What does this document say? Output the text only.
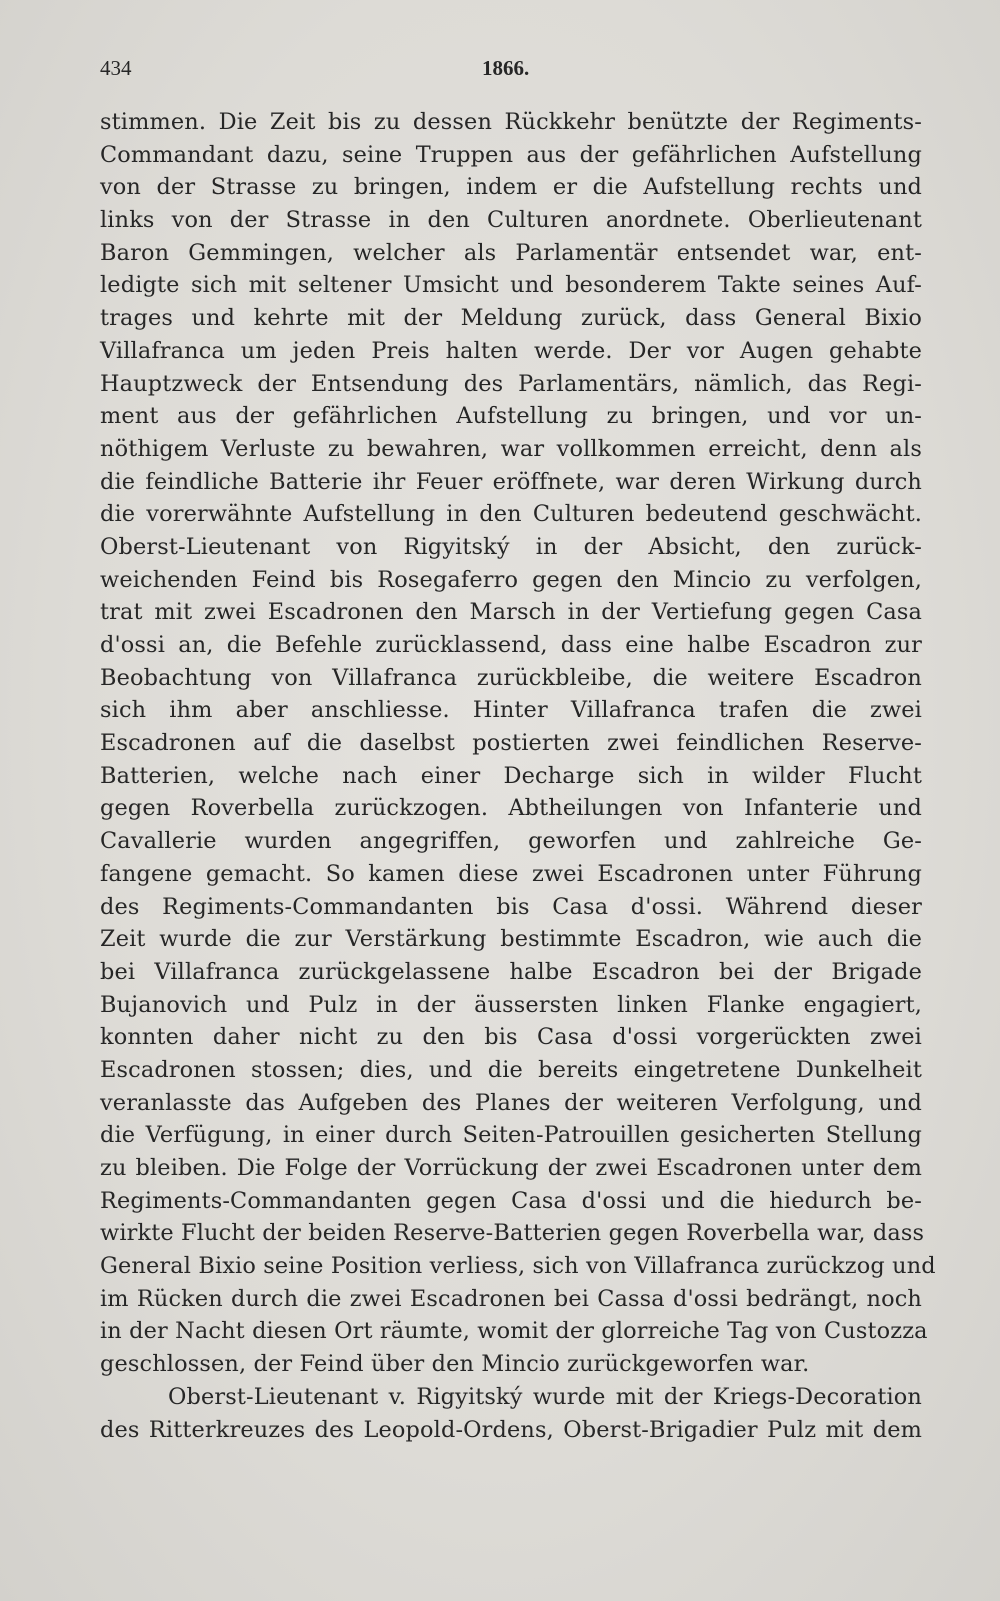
434	1866.
stimmen. Die Zeit bis zu dessen Rückkehr benützte der Regiments-
Commandant dazu, seine Truppen aus der gefährlichen Aufstellung
von der Strasse zu bringen, indem er die Aufstellung rechts und
links von der Strasse in den Culturen anordnete. Oberlieutenant
Baron Gemmingen, welcher als Parlamentär entsendet war, ent-
ledigte sich mit seltener Umsicht und besonderem Takte seines Auf-
trages und kehrte mit der Meldung zurück, dass General Bixio
Villafranca um jeden Preis halten werde. Der vor Augen gehabte
Hauptzweck der Entsendung des Parlamentärs, nämlich, das Regi-
ment aus der gefährlichen Aufstellung zu bringen, und vor un-
nöthigem Verluste zu bewahren, war vollkommen erreicht, denn als
die feindliche Batterie ihr Feuer eröffnete, war deren Wirkung durch
die vorerwähnte Aufstellung in den Culturen bedeutend geschwächt.
Oberst-Lieutenant von Rigyitský in der Absicht, den zurück-
weichenden Feind bis Rosegaferro gegen den Mincio zu verfolgen,
trat mit zwei Escadronen den Marsch in der Vertiefung gegen Casa
d'ossi an, die Befehle zurücklassend, dass eine halbe Escadron zur
Beobachtung von Villafranca zurückbleibe, die weitere Escadron
sich ihm aber anschliesse. Hinter Villafranca trafen die zwei
Escadronen auf die daselbst postierten zwei feindlichen Reserve-
Batterien, welche nach einer Decharge sich in wilder Flucht
gegen Roverbella zurückzogen. Abtheilungen von Infanterie und
Cavallerie wurden angegriffen, geworfen und zahlreiche Ge-
fangene gemacht. So kamen diese zwei Escadronen unter Führung
des Regiments-Commandanten bis Casa d'ossi. Während dieser
Zeit wurde die zur Verstärkung bestimmte Escadron, wie auch die
bei Villafranca zurückgelassene halbe Escadron bei der Brigade
Bujanovich und Pulz in der äussersten linken Flanke engagiert,
konnten daher nicht zu den bis Casa d'ossi vorgerückten zwei
Escadronen stossen; dies, und die bereits eingetretene Dunkelheit
veranlasste das Aufgeben des Planes der weiteren Verfolgung, und
die Verfügung, in einer durch Seiten-Patrouillen gesicherten Stellung
zu bleiben. Die Folge der Vorrückung der zwei Escadronen unter dem
Regiments-Commandanten gegen Casa d'ossi und die hiedurch be-
wirkte Flucht der beiden Reserve-Batterien gegen Roverbella war, dass
General Bixio seine Position verliess, sich von Villafranca zurückzog und
im Rücken durch die zwei Escadronen bei Cassa d'ossi bedrängt, noch
in der Nacht diesen Ort räumte, womit der glorreiche Tag von Custozza
geschlossen, der Feind über den Mincio zurückgeworfen war.
Oberst-Lieutenant v. Rigyitský wurde mit der Kriegs-Decoration
des Ritterkreuzes des Leopold-Ordens, Oberst-Brigadier Pulz mit dem
